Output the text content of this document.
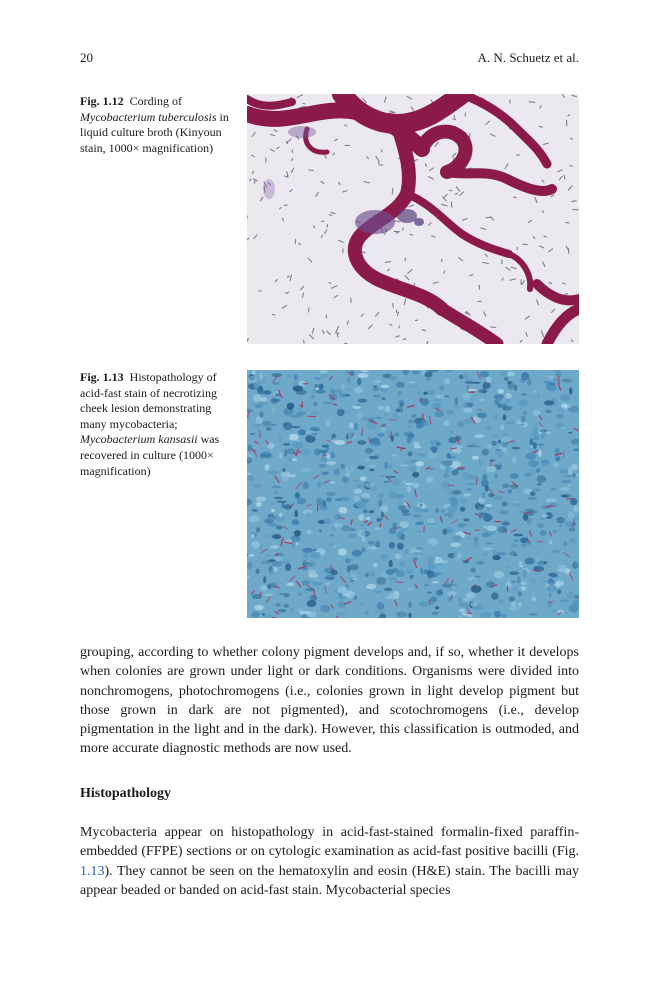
20	A. N. Schuetz et al.
Fig. 1.12 Cording of Mycobacterium tuberculosis in liquid culture broth (Kinyoun stain, 1000× magnification)
Fig. 1.13 Histopathology of acid-fast stain of necrotizing cheek lesion demonstrating many mycobacteria; Mycobacterium kansasii was recovered in culture (1000× magnification)

grouping, according to whether colony pigment develops and, if so, whether it develops when colonies are grown under light or dark conditions. Organisms were divided into nonchromogens, photochromogens (i.e., colonies grown in light develop pigment but those grown in dark are not pigmented), and scotochromogens (i.e., develop pigmentation in the light and in the dark). However, this classification is outmoded, and more accurate diagnostic methods are now used.

Histopathology

Mycobacteria appear on histopathology in acid-fast-stained formalin-fixed paraffin-embedded (FFPE) sections or on cytologic examination as acid-fast positive bacilli (Fig. 1.13). They cannot be seen on the hematoxylin and eosin (H&E) stain. The bacilli may appear beaded or banded on acid-fast stain. Mycobacterial species
